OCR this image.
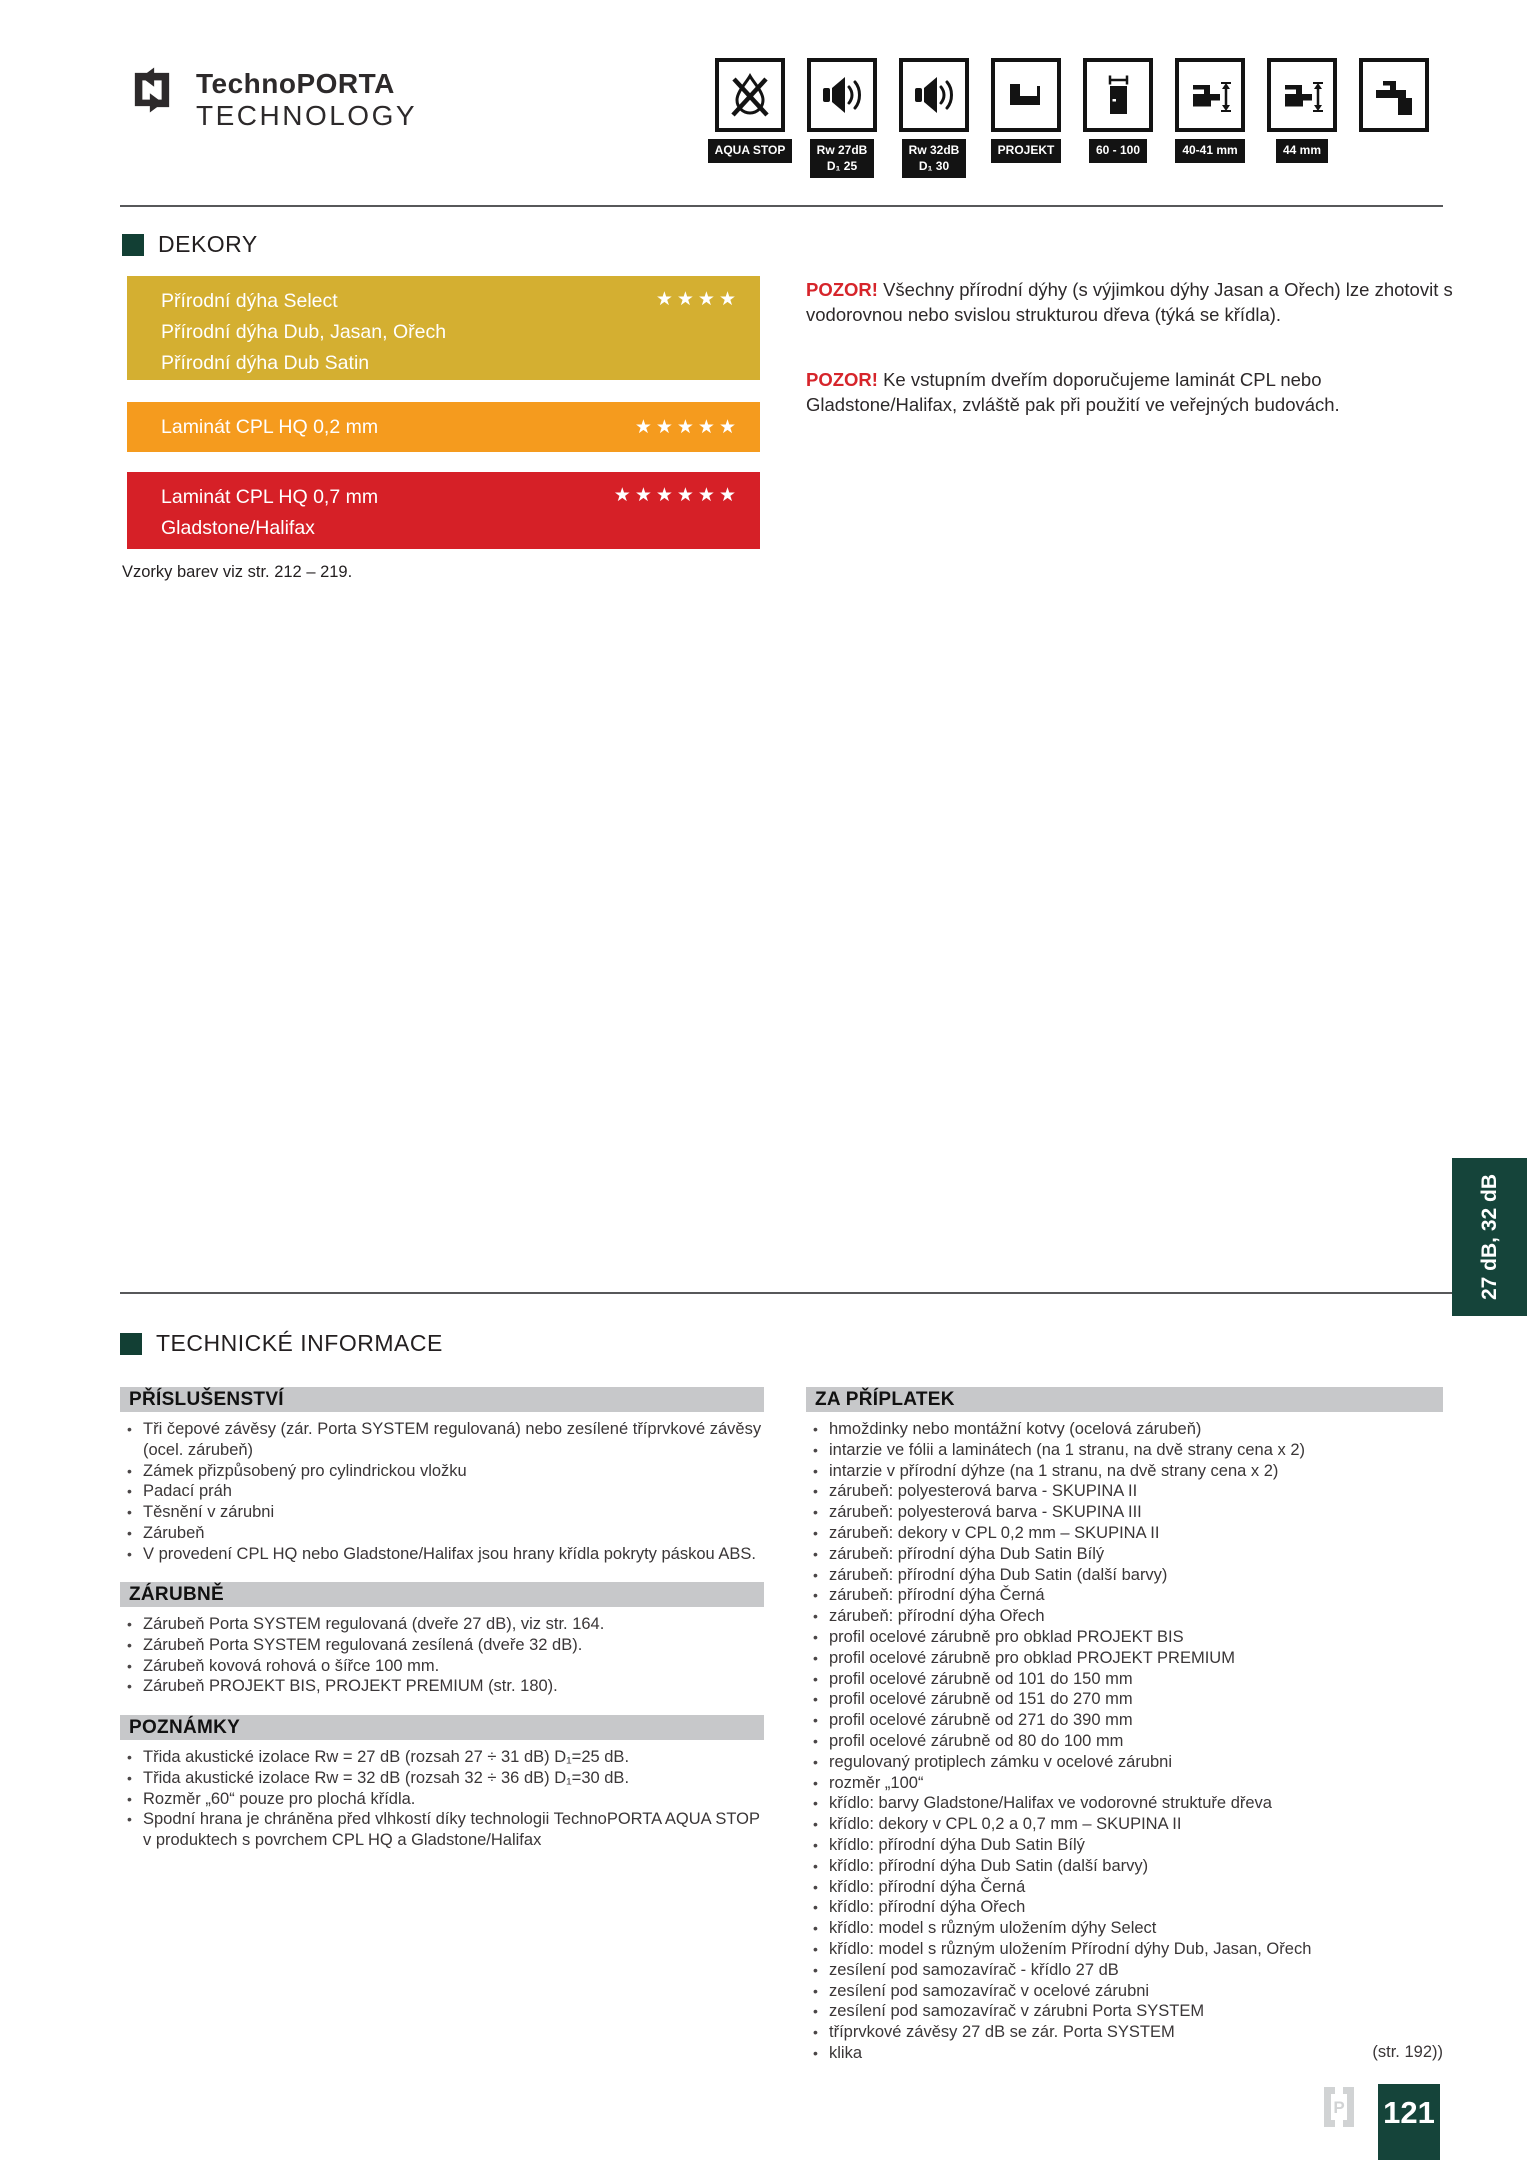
TechnoPORTA
TECHNOLOGY
AQUA STOP	Rw 27dB
D₁ 25
Rw 32dB
D₁ 30
PROJEKT	60 - 100	40-41 mm	44 mm
DEKORY
Přírodní dýha Select
Přírodní dýha Dub, Jasan, Ořech
Přírodní dýha Dub Satin
★★★★
Laminát CPL HQ 0,2 mm	★★★★★
Laminát CPL HQ 0,7 mm
Gladstone/Halifax
★★★★★★
Vzorky barev viz str. 212 – 219.

POZOR! Všechny přírodní dýhy (s výjimkou dýhy Jasan a Ořech) lze zhotovit s vodorovnou nebo svislou strukturou dřeva (týká se křídla).

POZOR! Ke vstupním dveřím doporučujeme laminát CPL nebo Gladstone/Halifax, zvláště pak při použití ve veřejných budovách.

27 dB, 32 dB
TECHNICKÉ INFORMACE
PŘÍSLUŠENSTVÍ
• Tři čepové závěsy (zár. Porta SYSTEM regulovaná) nebo zesílené tříprvkové závěsy (ocel. zárubeň)
• Zámek přizpůsobený pro cylindrickou vložku
• Padací práh
• Těsnění v zárubni
• Zárubeň
• V provedení CPL HQ nebo Gladstone/Halifax jsou hrany křídla pokryty páskou ABS.
ZÁRUBNĚ
• Zárubeň Porta SYSTEM regulovaná (dveře 27 dB), viz str. 164.
• Zárubeň Porta SYSTEM regulovaná zesílená (dveře 32 dB).
• Zárubeň kovová rohová o šířce 100 mm.
• Zárubeň PROJEKT BIS, PROJEKT PREMIUM (str. 180).
POZNÁMKY
• Třida akustické izolace Rw = 27 dB (rozsah 27 ÷ 31 dB) D₁=25 dB.
• Třida akustické izolace Rw = 32 dB (rozsah 32 ÷ 36 dB) D₁=30 dB.
• Rozměr „60“ pouze pro plochá křídla.
• Spodní hrana je chráněna před vlhkostí díky technologii TechnoPORTA AQUA STOP v produktech s povrchem CPL HQ a Gladstone/Halifax
ZA PŘÍPLATEK
• hmoždinky nebo montážní kotvy (ocelová zárubeň)
• intarzie ve fólii a laminátech (na 1 stranu, na dvě strany cena x 2)
• intarzie v přírodní dýhze (na 1 stranu, na dvě strany cena x 2)
• zárubeň: polyesterová barva - SKUPINA II
• zárubeň: polyesterová barva - SKUPINA III
• zárubeň: dekory v CPL 0,2 mm – SKUPINA II
• zárubeň: přírodní dýha Dub Satin Bílý
• zárubeň: přírodní dýha Dub Satin (další barvy)
• zárubeň: přírodní dýha Černá
• zárubeň: přírodní dýha Ořech
• profil ocelové zárubně pro obklad PROJEKT BIS
• profil ocelové zárubně pro obklad PROJEKT PREMIUM
• profil ocelové zárubně od 101 do 150 mm
• profil ocelové zárubně od 151 do 270 mm
• profil ocelové zárubně od 271 do 390 mm
• profil ocelové zárubně od 80 do 100 mm
• regulovaný protiplech zámku v ocelové zárubni
• rozměr „100“
• křídlo: barvy Gladstone/Halifax ve vodorovné struktuře dřeva
• křídlo: dekory v CPL 0,2 a 0,7 mm – SKUPINA II
• křídlo: přírodní dýha Dub Satin Bílý
• křídlo: přírodní dýha Dub Satin (další barvy)
• křídlo: přírodní dýha Černá
• křídlo: přírodní dýha Ořech
• křídlo: model s různým uložením dýhy Select
• křídlo: model s různým uložením Přírodní dýhy Dub, Jasan, Ořech
• zesílení pod samozavírač - křídlo 27 dB
• zesílení pod samozavírač v ocelové zárubni
• zesílení pod samozavírač v zárubni Porta SYSTEM
• tříprvkové závěsy 27 dB se zár. Porta SYSTEM
• klika	(str. 192))
P 121
